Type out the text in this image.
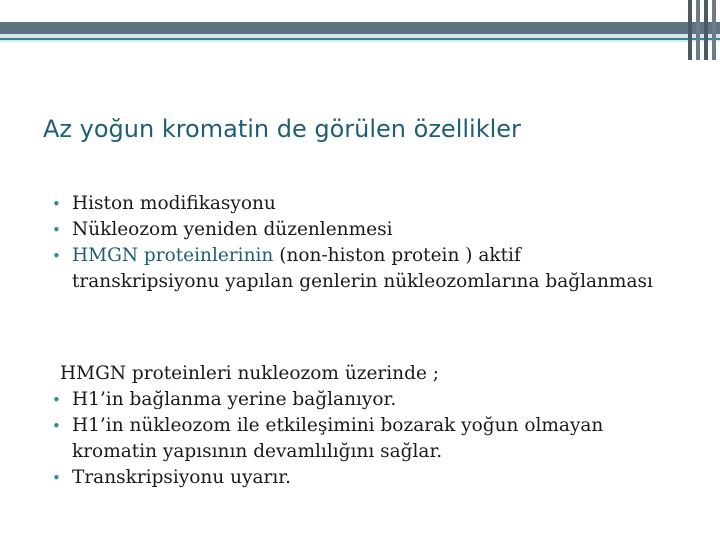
Az yoğun kromatin de görülen özellikler
• Histon modifikasyonu
• Nükleozom yeniden düzenlenmesi
• HMGN proteinlerinin (non-histon protein ) aktif transkripsiyonu yapılan genlerin nükleozomlarına bağlanması

HMGN proteinleri nukleozom üzerinde ;

• H1’in bağlanma yerine bağlanıyor.
• H1’in nükleozom ile etkileşimini bozarak yoğun olmayan kromatin yapısının devamlılığını sağlar.
• Transkripsiyonu uyarır.
